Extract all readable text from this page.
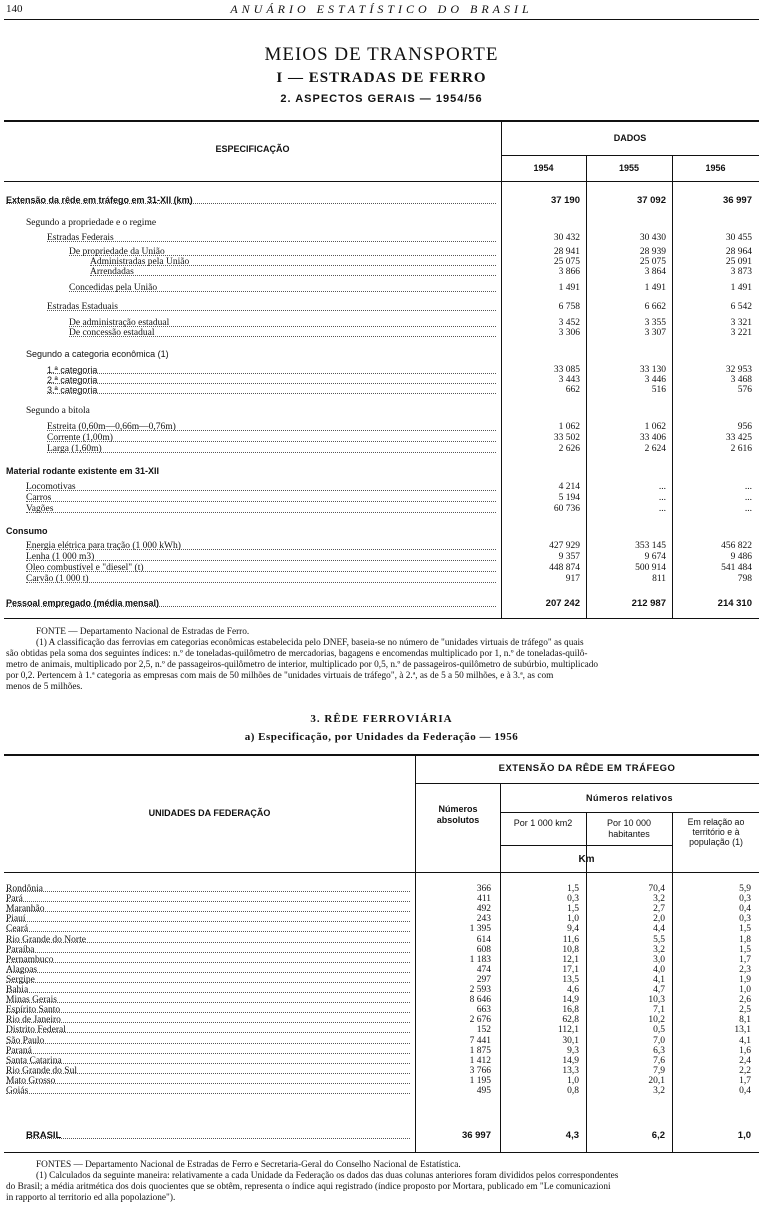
140	ANUÁRIO ESTATÍSTICO DO BRASIL
MEIOS DE TRANSPORTE
I — ESTRADAS DE FERRO
2. ASPECTOS GERAIS — 1954/56
ESPECIFICAÇÃO
DADOS
1954	1955	1956
Extensão da rêde em tráfego em 31-XII (km)	37 190	37 092	36 997
Segundo a propriedade e o regime
Estradas Federais	30 432	30 430	30 455
De propriedade da União	28 941	28 939	28 964
Administradas pela União	25 075	25 075	25 091
Arrendadas	3 866	3 864	3 873
Concedidas pela União	1 491	1 491	1 491
Estradas Estaduais	6 758	6 662	6 542
De administração estadual	3 452	3 355	3 321
De concessão estadual	3 306	3 307	3 221
Segundo a categoria econômica (1)
1.ª categoria	33 085	33 130	32 953
2.ª categoria	3 443	3 446	3 468
3.ª categoria	662	516	576
Segundo a bitola
Estreita (0,60m—0,66m—0,76m)	1 062	1 062	956
Corrente (1,00m)	33 502	33 406	33 425
Larga (1,60m)	2 626	2 624	2 616
Material rodante existente em 31-XII
Locomotivas	4 214	...	...
Carros	5 194	...	...
Vagões	60 736	...	...
Consumo
Energia elétrica para tração (1 000 kWh)	427 929	353 145	456 822
Lenha (1 000 m3)	9 357	9 674	9 486
Óleo combustível e "diesel" (t)	448 874	500 914	541 484
Carvão (1 000 t)	917	811	798
Pessoal empregado (média mensal)	207 242	212 987	214 310
FONTE — Departamento Nacional de Estradas de Ferro.
(1) A classificação das ferrovias em categorias econômicas estabelecida pelo DNEF, baseia-se no número de "unidades virtuais de tráfego" as quais
são obtidas pela soma dos seguintes índices: n.º de toneladas-quilômetro de mercadorias, bagagens e encomendas multiplicado por 1, n.º de toneladas-quilô-
metro de animais, multiplicado por 2,5, n.º de passageiros-quilômetro de interior, multiplicado por 0,5, n.º de passageiros-quilômetro de subúrbio, multiplicado
por 0,2. Pertencem à 1.ª categoria as empresas com mais de 50 milhões de "unidades virtuais de tráfego", à 2.ª, as de 5 a 50 milhões, e à 3.ª, as com
menos de 5 milhões.
3. RÊDE FERROVIÁRIA
a) Especificação, por Unidades da Federação — 1956
UNIDADES DA FEDERAÇÃO
EXTENSÃO DA RÊDE EM TRÁFEGO
Números absolutos
Números relativos
Por 1 000 km2	Por 10 000 habitantes
Em relação ao território e à população (1)
Km
Rondônia	366	1,5	70,4	5,9
Pará	411	0,3	3,2	0,3
Maranhão	492	1,5	2,7	0,4
Piauí	243	1,0	2,0	0,3
Ceará	1 395	9,4	4,4	1,5
Rio Grande do Norte	614	11,6	5,5	1,8
Paraíba	608	10,8	3,2	1,5
Pernambuco	1 183	12,1	3,0	1,7
Alagoas	474	17,1	4,0	2,3
Sergipe	297	13,5	4,1	1,9
Bahia	2 593	4,6	4,7	1,0
Minas Gerais	8 646	14,9	10,3	2,6
Espírito Santo	663	16,8	7,1	2,5
Rio de Janeiro	2 676	62,8	10,2	8,1
Distrito Federal	152	112,1	0,5	13,1
São Paulo	7 441	30,1	7,0	4,1
Paraná	1 875	9,3	6,3	1,6
Santa Catarina	1 412	14,9	7,6	2,4
Rio Grande do Sul	3 766	13,3	7,9	2,2
Mato Grosso	1 195	1,0	20,1	1,7
Goiás	495	0,8	3,2	0,4
BRASIL	36 997	4,3	6,2	1,0
FONTES — Departamento Nacional de Estradas de Ferro e Secretaria-Geral do Conselho Nacional de Estatística.
(1) Calculados da seguinte maneira: relativamente a cada Unidade da Federação os dados das duas colunas anteriores foram divididos pelos correspondentes
do Brasil; a média aritmética dos dois quocientes que se obtêm, representa o índice aqui registrado (índice proposto por Mortara, publicado em "Le comunicazioni
in rapporto al territorio ed alla popolazione").
